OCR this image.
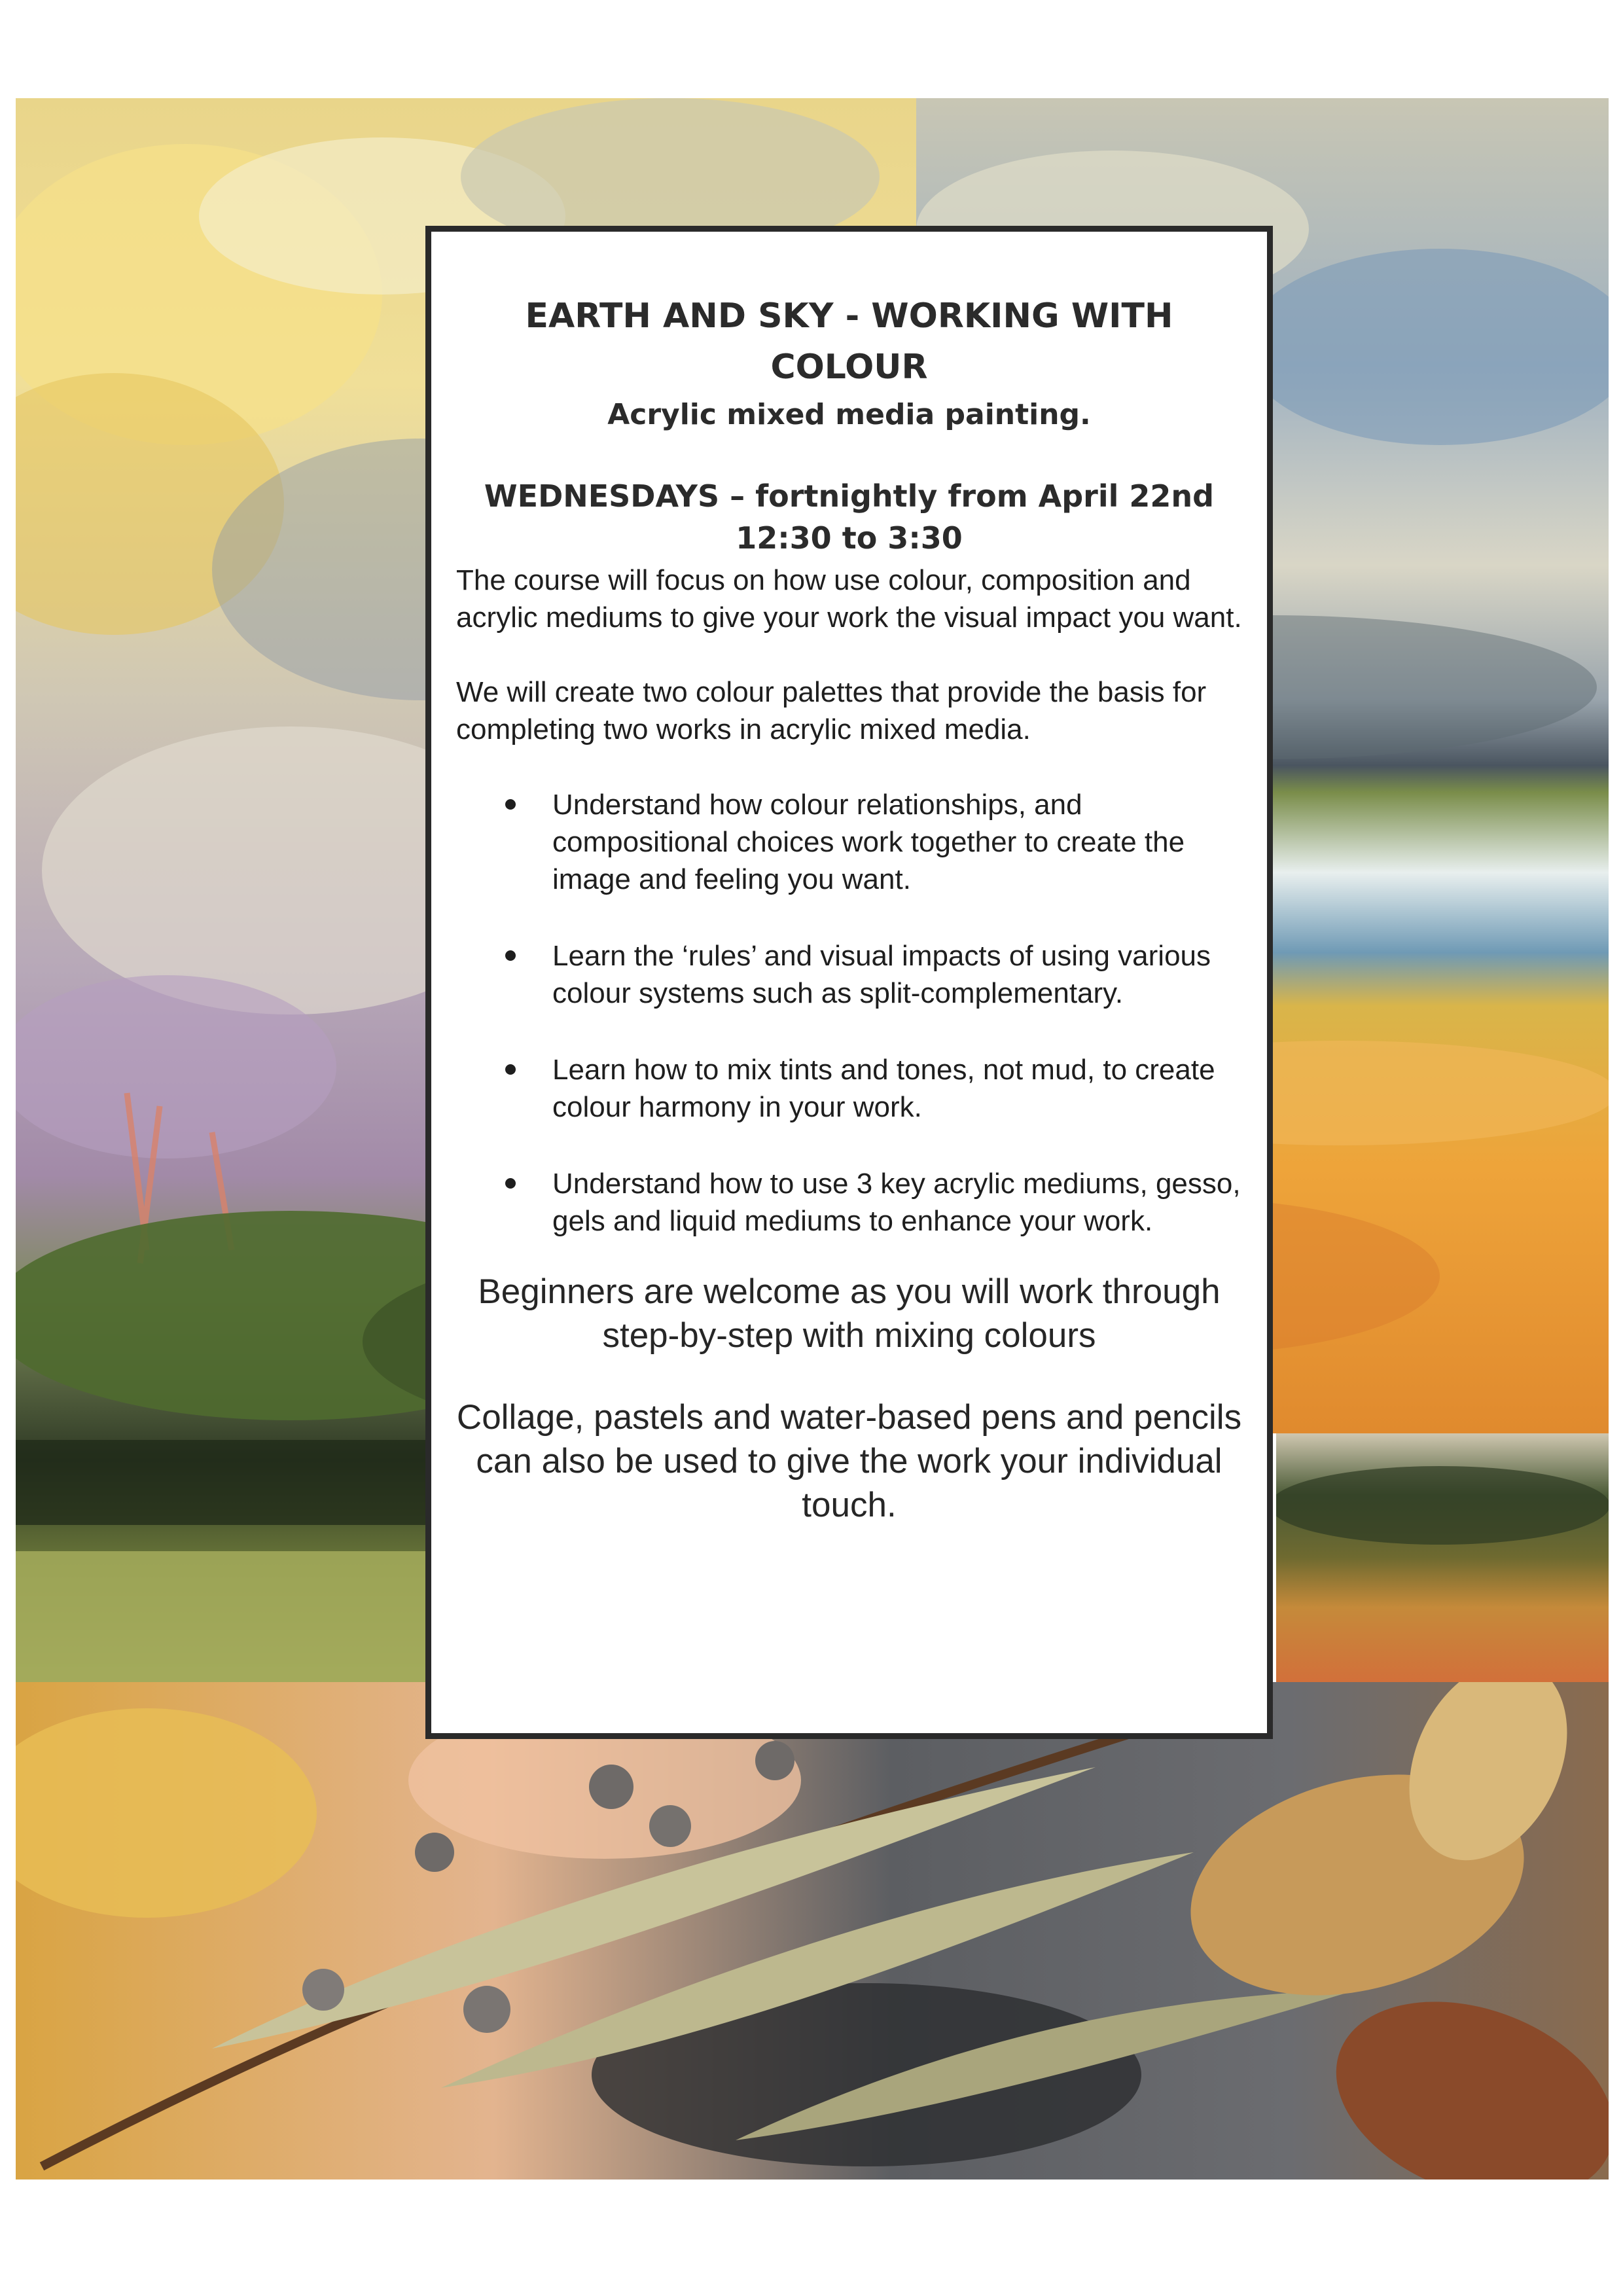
EARTH AND SKY - WORKING WITH COLOUR
Acrylic mixed media painting.
WEDNESDAYS – fortnightly from April 22nd
12:30 to 3:30

The course will focus on how use colour, composition and acrylic mediums to give your work the visual impact you want.

We will create two colour palettes that provide the basis for completing two works in acrylic mixed media.

Understand how colour relationships, and compositional choices work together to create the image and feeling you want.
Learn the ‘rules’ and visual impacts of using various colour systems such as split-complementary.
Learn how to mix tints and tones, not mud, to create colour harmony in your work.
Understand how to use 3 key acrylic mediums, gesso, gels and liquid mediums to enhance your work.

Beginners are welcome as you will work through step-by-step with mixing colours

Collage, pastels and water-based pens and pencils can also be used to give the work your individual touch.
